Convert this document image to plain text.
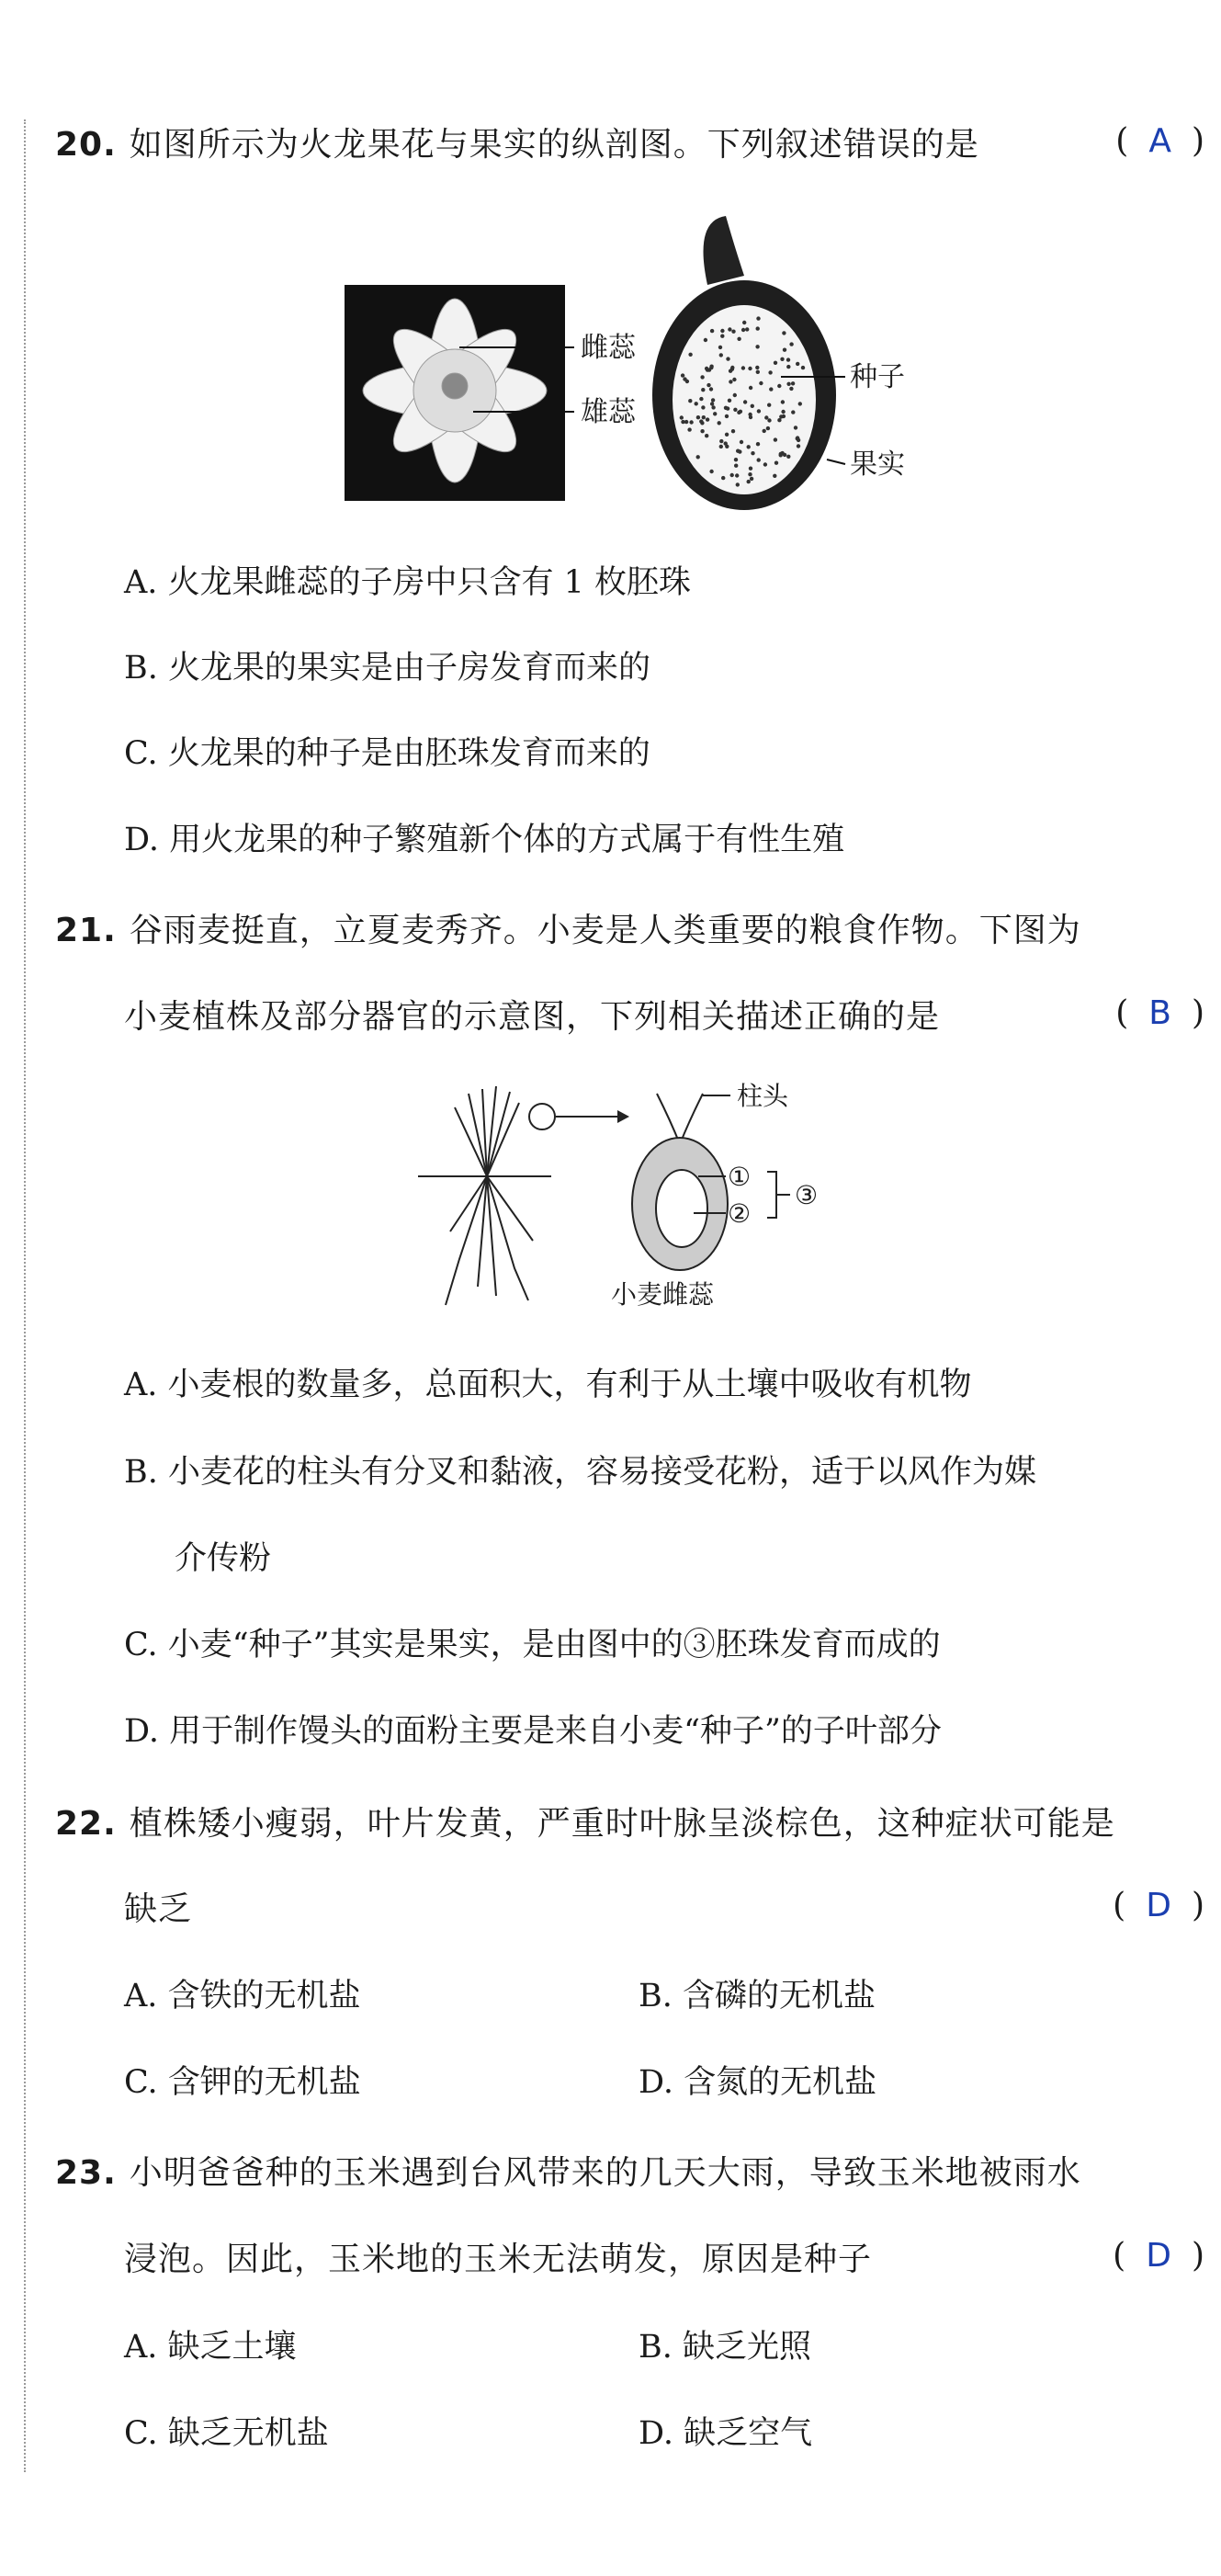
20. 如图所示为火龙果花与果实的纵剖图。下列叙述错误的是	( A )
雌蕊
雄蕊
种子
果实
A. 火龙果雌蕊的子房中只含有 1 枚胚珠
B. 火龙果的果实是由子房发育而来的
C. 火龙果的种子是由胚珠发育而来的
D. 用火龙果的种子繁殖新个体的方式属于有性生殖
21. 谷雨麦挺直，立夏麦秀齐。小麦是人类重要的粮食作物。下图为
小麦植株及部分器官的示意图，下列相关描述正确的是	( B )
柱头
①
②
③
小麦雌蕊
A. 小麦根的数量多，总面积大，有利于从土壤中吸收有机物
B. 小麦花的柱头有分叉和黏液，容易接受花粉，适于以风作为媒
介传粉
C. 小麦“种子”其实是果实，是由图中的③胚珠发育而成的
D. 用于制作馒头的面粉主要是来自小麦“种子”的子叶部分
22. 植株矮小瘦弱，叶片发黄，严重时叶脉呈淡棕色，这种症状可能是
缺乏	( D )
A. 含铁的无机盐	B. 含磷的无机盐
C. 含钾的无机盐	D. 含氮的无机盐
23. 小明爸爸种的玉米遇到台风带来的几天大雨，导致玉米地被雨水
浸泡。因此，玉米地的玉米无法萌发，原因是种子	( D )
A. 缺乏土壤	B. 缺乏光照
C. 缺乏无机盐	D. 缺乏空气
